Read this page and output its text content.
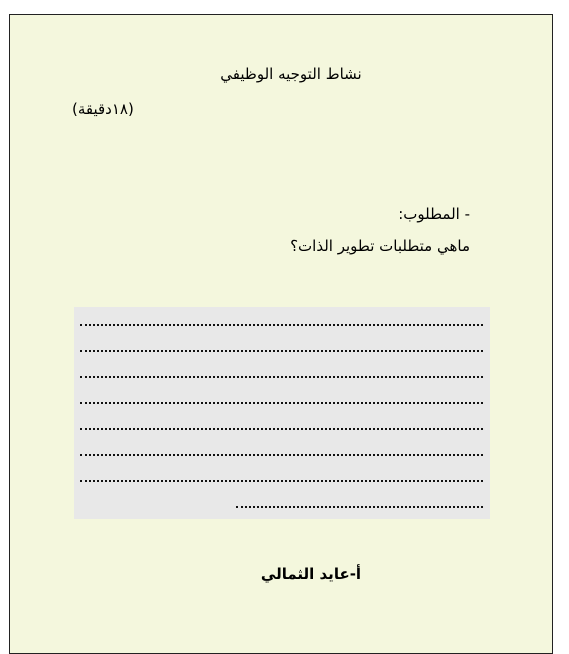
نشاط التوجيه الوظيفي
(١٨دقيقة)
- المطلوب:
ماهي متطلبات تطوير الذات؟
أ-عايد الثمالي
